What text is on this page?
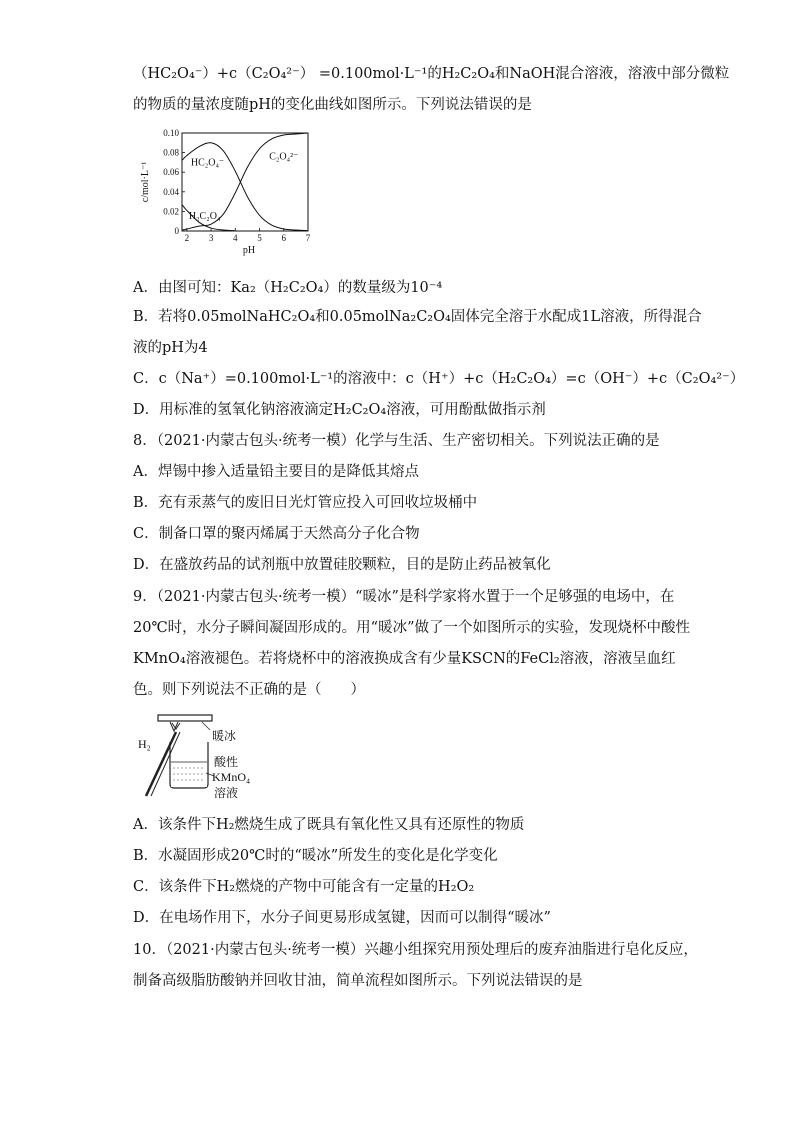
（HC₂O₄⁻）+c（C₂O₄²⁻） =0.100mol·L⁻¹的H₂C₂O₄和NaOH混合溶液，溶液中部分微粒
的物质的量浓度随pH的变化曲线如图所示。下列说法错误的是
2 3 4 5 6 7
0
0.02
0.04
0.06
0.08
0.10
pH
c/mol·L⁻¹	HC₂O₄⁻
H₂C₂O₄
C₂O₄²⁻
A．由图可知：Ka₂（H₂C₂O₄）的数量级为10⁻⁴
B．若将0.05molNaHC₂O₄和0.05molNa₂C₂O₄固体完全溶于水配成1L溶液，所得混合
液的pH为4
C．c（Na⁺）=0.100mol·L⁻¹的溶液中：c（H⁺）+c（H₂C₂O₄）=c（OH⁻）+c（C₂O₄²⁻）
D．用标准的氢氧化钠溶液滴定H₂C₂O₄溶液，可用酚酞做指示剂
8．（2021·内蒙古包头·统考一模）化学与生活、生产密切相关。下列说法正确的是
A．焊锡中掺入适量铅主要目的是降低其熔点
B．充有汞蒸气的废旧日光灯管应投入可回收垃圾桶中
C．制备口罩的聚丙烯属于天然高分子化合物
D．在盛放药品的试剂瓶中放置硅胶颗粒，目的是防止药品被氧化
9．（2021·内蒙古包头·统考一模）“暖冰”是科学家将水置于一个足够强的电场中，在
20℃时，水分子瞬间凝固形成的。用“暖冰”做了一个如图所示的实验，发现烧杯中酸性
KMnO₄溶液褪色。若将烧杯中的溶液换成含有少量KSCN的FeCl₂溶液，溶液呈血红
色。则下列说法不正确的是（　　）
H₂
暖冰
酸性
KMnO₄
溶液
A．该条件下H₂燃烧生成了既具有氧化性又具有还原性的物质
B．水凝固形成20℃时的“暖冰”所发生的变化是化学变化
C．该条件下H₂燃烧的产物中可能含有一定量的H₂O₂
D．在电场作用下，水分子间更易形成氢键，因而可以制得“暖冰”
10．（2021·内蒙古包头·统考一模）兴趣小组探究用预处理后的废弃油脂进行皂化反应，
制备高级脂肪酸钠并回收甘油，简单流程如图所示。下列说法错误的是
